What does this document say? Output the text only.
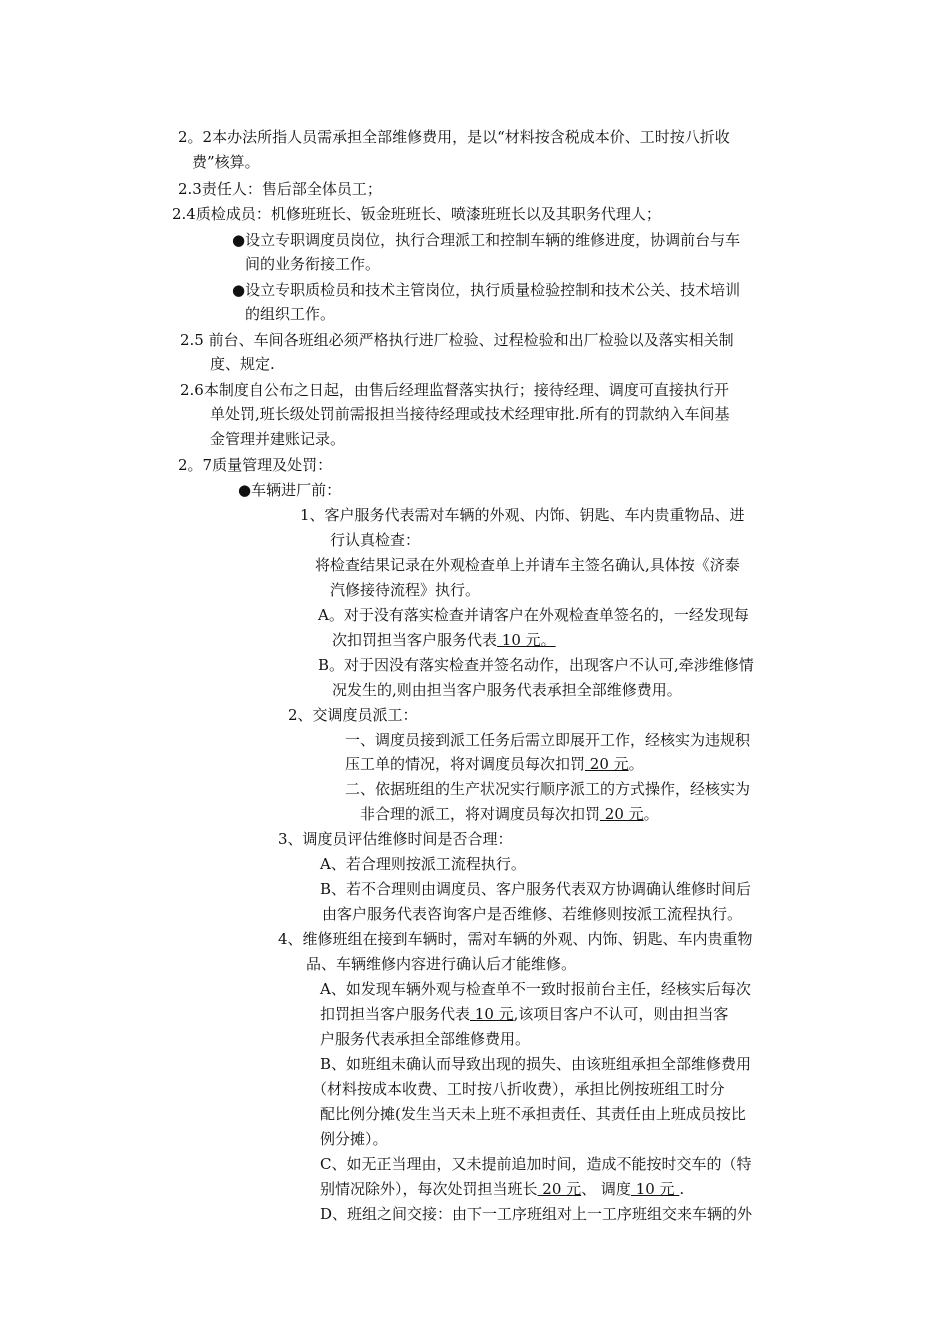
2。2本办法所指人员需承担全部维修费用，是以“材料按含税成本价、工时按八折收
费”核算。
2.3责任人：售后部全体员工；
2.4质检成员：机修班班长、钣金班班长、喷漆班班长以及其职务代理人；
●设立专职调度员岗位，执行合理派工和控制车辆的维修进度，协调前台与车
间的业务衔接工作。
●设立专职质检员和技术主管岗位，执行质量检验控制和技术公关、技术培训
的组织工作。
2.5 前台、车间各班组必须严格执行进厂检验、过程检验和出厂检验以及落实相关制
度、规定.
2.6本制度自公布之日起，由售后经理监督落实执行；接待经理、调度可直接执行开
单处罚,班长级处罚前需报担当接待经理或技术经理审批.所有的罚款纳入车间基
金管理并建账记录。
2。7质量管理及处罚：
●车辆进厂前：
1、客户服务代表需对车辆的外观、内饰、钥匙、车内贵重物品、进
行认真检查：
将检查结果记录在外观检查单上并请车主签名确认,具体按《济泰
汽修接待流程》执行。
A。对于没有落实检查并请客户在外观检查单签名的，一经发现每
次扣罚担当客户服务代表 10 元。
B。对于因没有落实检查并签名动作，出现客户不认可,牵涉维修情
况发生的,则由担当客户服务代表承担全部维修费用。
2、交调度员派工：
一、调度员接到派工任务后需立即展开工作，经核实为违规积
压工单的情况，将对调度员每次扣罚 20 元。
二、依据班组的生产状况实行顺序派工的方式操作，经核实为
非合理的派工，将对调度员每次扣罚 20 元。
3、调度员评估维修时间是否合理：
A、若合理则按派工流程执行。
B、若不合理则由调度员、客户服务代表双方协调确认维修时间后
由客户服务代表咨询客户是否维修、若维修则按派工流程执行。
4、维修班组在接到车辆时，需对车辆的外观、内饰、钥匙、车内贵重物
品、车辆维修内容进行确认后才能维修。
A、如发现车辆外观与检查单不一致时报前台主任，经核实后每次
扣罚担当客户服务代表 10 元,该项目客户不认可，则由担当客
户服务代表承担全部维修费用。
B、如班组未确认而导致出现的损失、由该班组承担全部维修费用
（材料按成本收费、工时按八折收费），承担比例按班组工时分
配比例分摊(发生当天未上班不承担责任、其责任由上班成员按比
例分摊）。
C、如无正当理由，又未提前追加时间，造成不能按时交车的（特
别情况除外），每次处罚担当班长 20 元、 调度 10 元 .
D、班组之间交接：由下一工序班组对上一工序班组交来车辆的外
